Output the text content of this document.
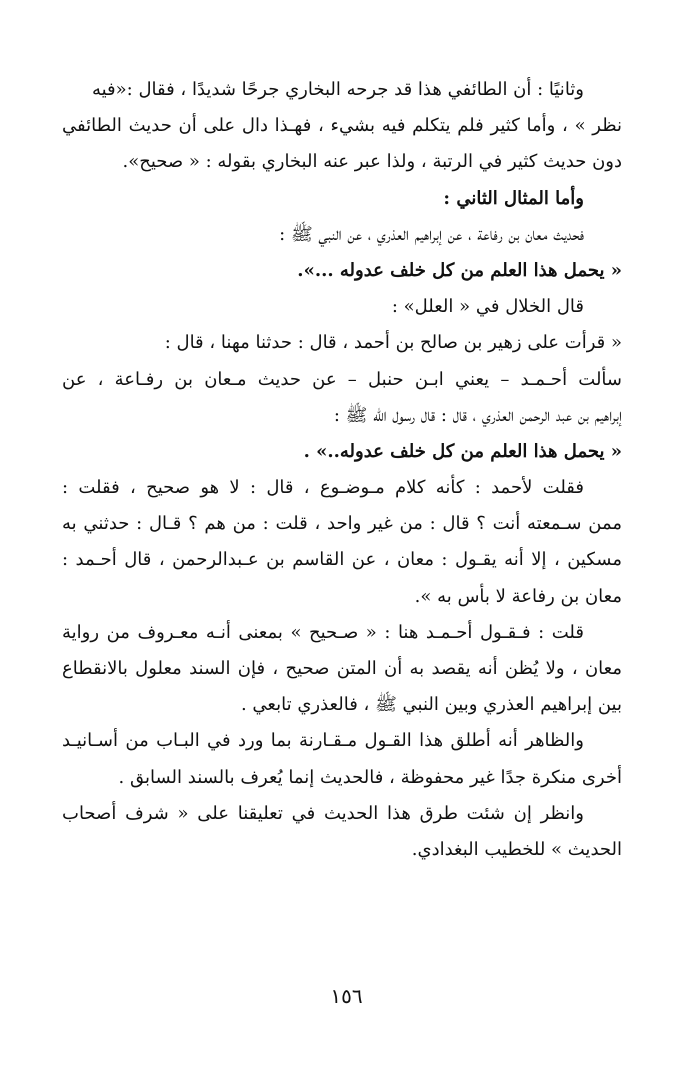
وثانيًا : أن الطائفي هذا قد جرحه البخاري جرحًا شديدًا ، فقال :«فيه
نظر » ، وأما كثير فلم يتكلم فيه بشيء ، فهـذا دال على أن حديث الطائفي
دون حديث كثير في الرتبة ، ولذا عبر عنه البخاري بقوله : « صحيح».
وأما المثال الثاني :
فحديث معان بن رفاعة ، عن إبراهيم العذري ، عن النبي ﷺ :
« يحمل هذا العلم من كل خلف عدوله ...».
قال الخلال في « العلل» :
« قرأت على زهير بن صالح بن أحمد ، قال : حدثنا مهنا ، قال :
سألت أحـمـد – يعني ابـن حنبل – عن حديث مـعان بن رفـاعة ، عن
إبراهيم بن عبد الرحمن العذري ، قال : قال رسول الله ﷺ :
« يحمل هذا العلم من كل خلف عدوله..» .
فقلت لأحمد : كأنه كلام مـوضـوع ، قال : لا هو صحيح ، فقلت :
ممن سـمعته أنت ؟ قال : من غير واحد ، قلت : من هم ؟ قـال : حدثني به
مسكين ، إلا أنه يقـول : معان ، عن القاسم بن عـبدالرحمن ، قال أحـمد :
معان بن رفاعة لا بأس به ».
قلت : فـقـول أحـمـد هنا : « صـحيح » بمعنى أنـه معـروف من رواية
معان ، ولا يُظن أنه يقصد به أن المتن صحيح ، فإن السند معلول بالانقطاع
بين إبراهيم العذري وبين النبي ﷺ ، فالعذري تابعي .
والظاهر أنه أطلق هذا القـول مـقـارنة بما ورد في البـاب من أسـانيـد
أخرى منكرة جدًا غير محفوظة ، فالحديث إنما يُعرف بالسند السابق .
وانظر إن شئت طرق هذا الحديث في تعليقنا على « شرف أصحاب
الحديث » للخطيب البغدادي.
١٥٦
